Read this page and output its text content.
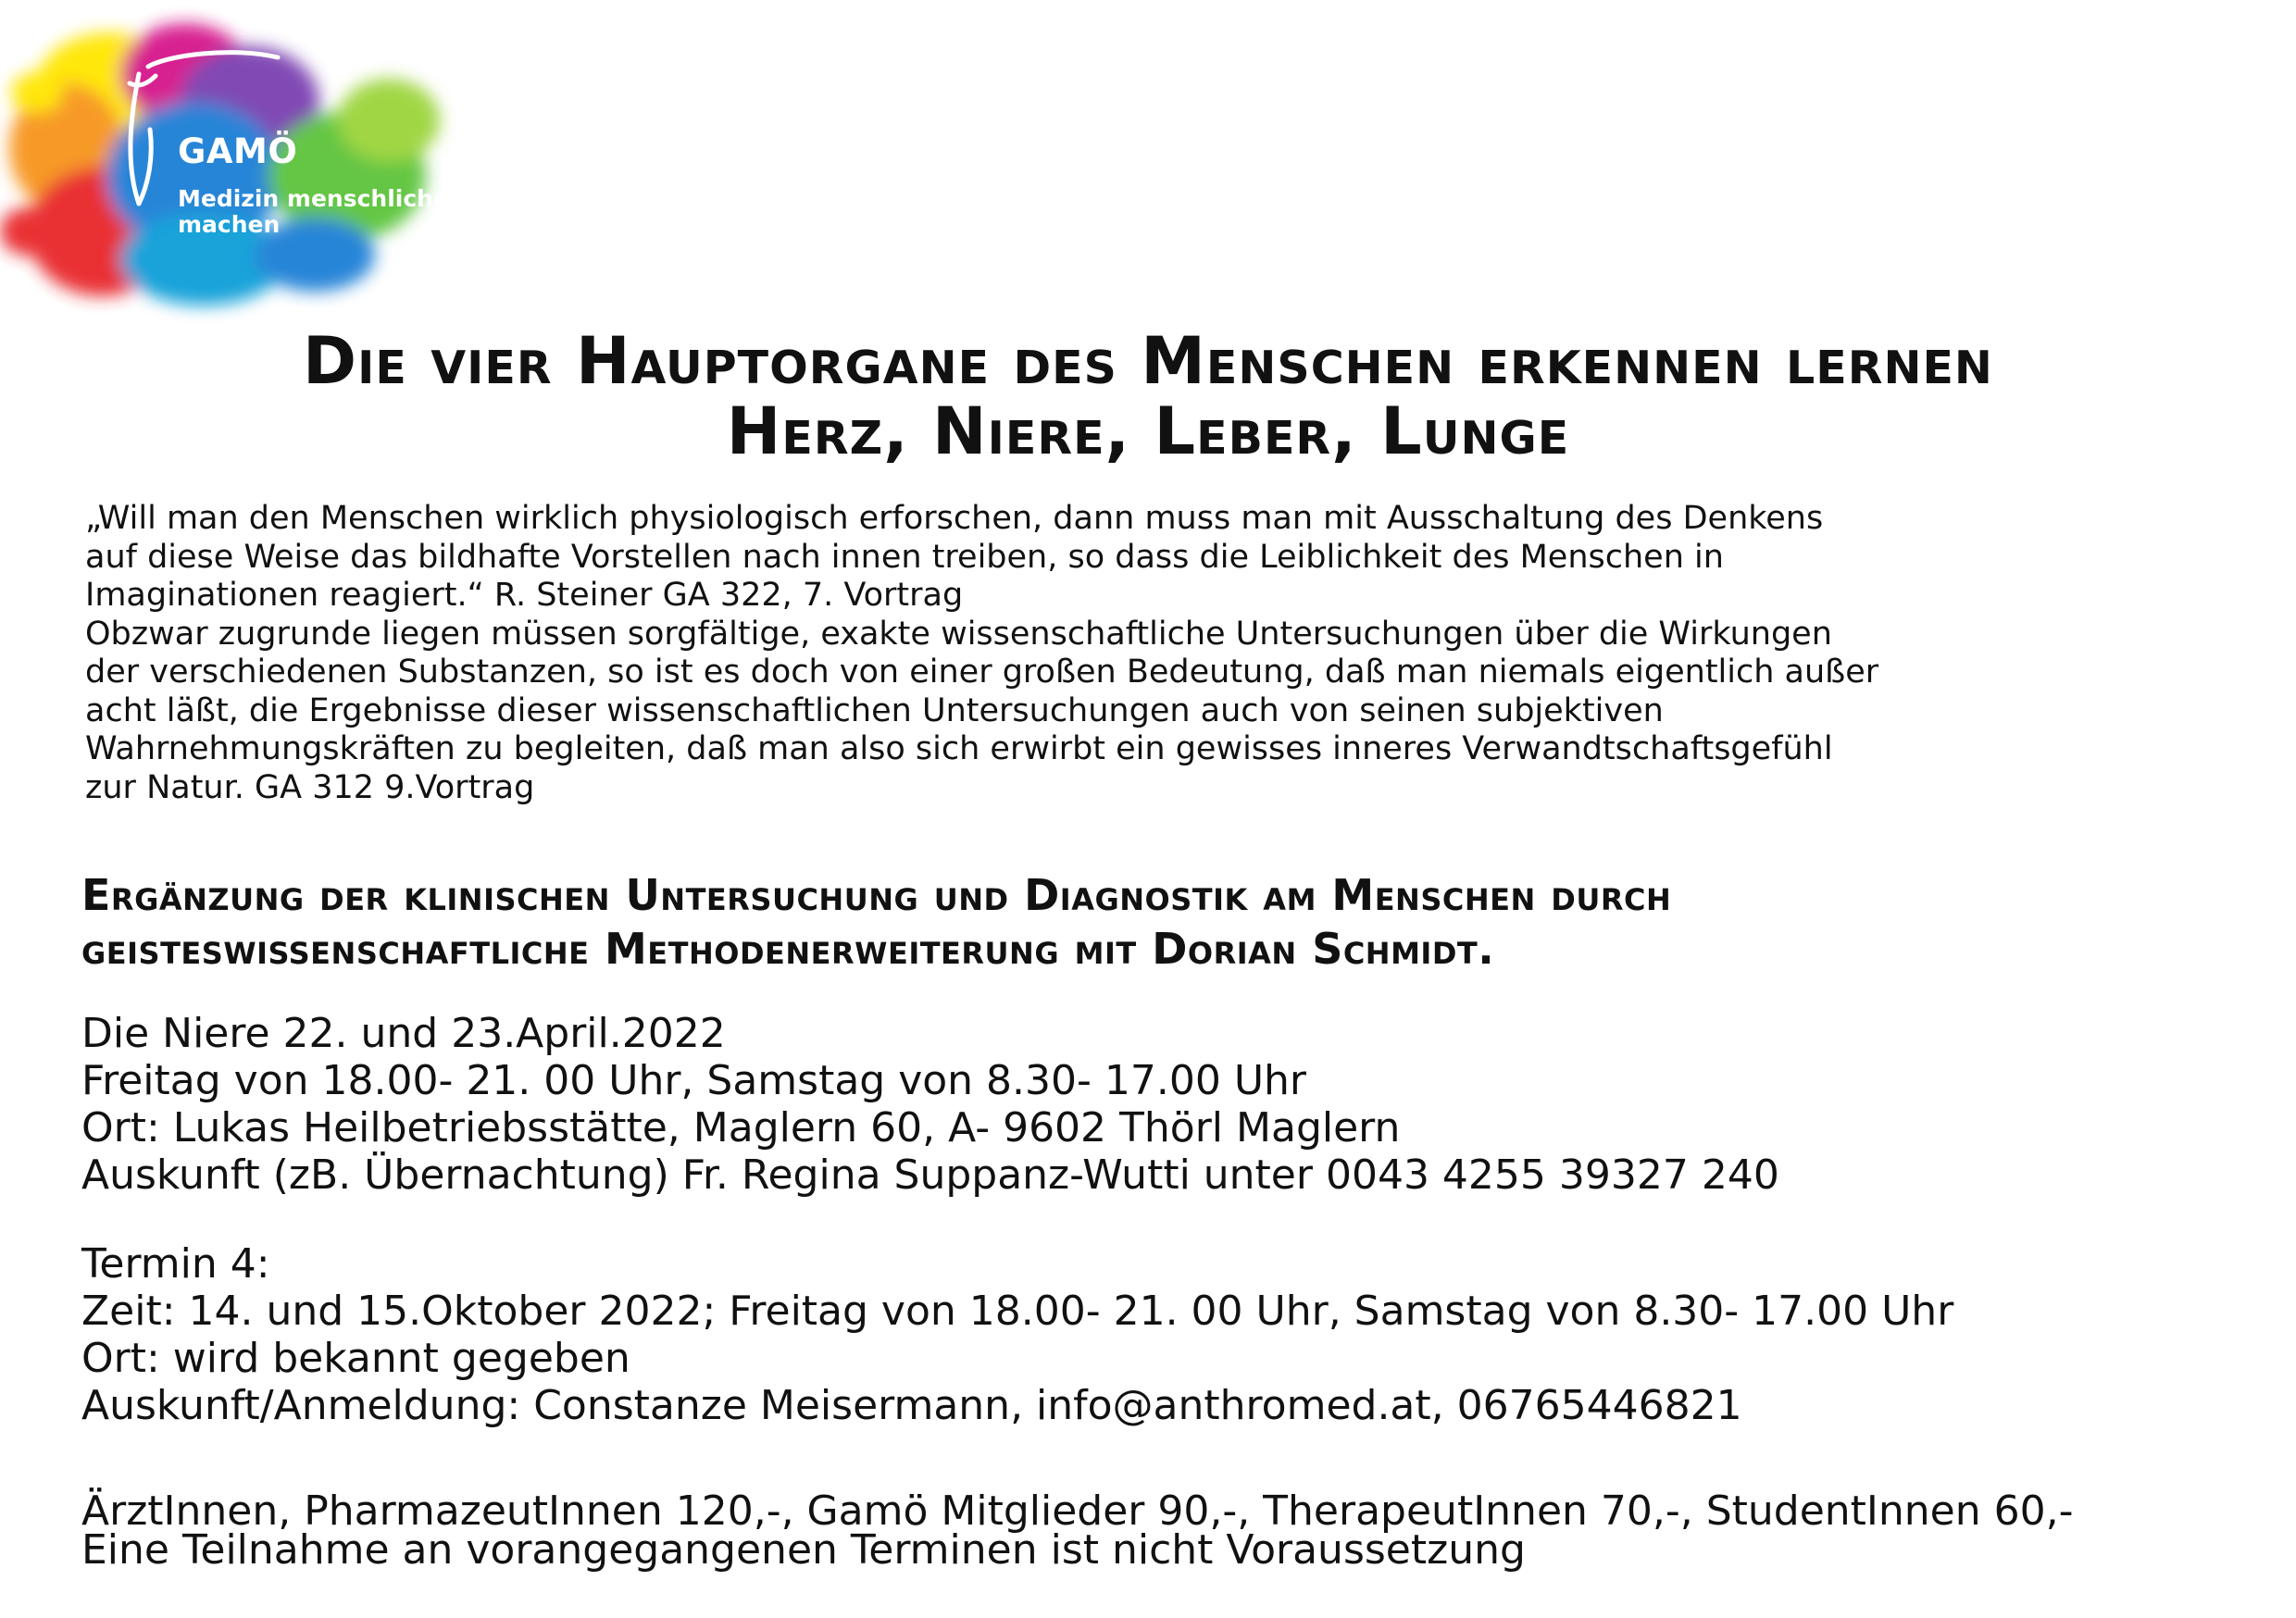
GAMÖ
Medizin menschlicher
machen
Die vier Hauptorgane des Menschen erkennen lernen
Herz, Niere, Leber, Lunge
„Will man den Menschen wirklich physiologisch erforschen, dann muss man mit Ausschaltung des Denkens
auf diese Weise das bildhafte Vorstellen nach innen treiben, so dass die Leiblichkeit des Menschen in
Imaginationen reagiert.“ R. Steiner GA 322, 7. Vortrag
Obzwar zugrunde liegen müssen sorgfältige, exakte wissenschaftliche Untersuchungen über die Wirkungen
der verschiedenen Substanzen, so ist es doch von einer großen Bedeutung, daß man niemals eigentlich außer
acht läßt, die Ergebnisse dieser wissenschaftlichen Untersuchungen auch von seinen subjektiven
Wahrnehmungskräften zu begleiten, daß man also sich erwirbt ein gewisses inneres Verwandtschaftsgefühl
zur Natur. GA 312 9.Vortrag
Ergänzung der klinischen Untersuchung und Diagnostik am Menschen durch
geisteswissenschaftliche Methodenerweiterung mit Dorian Schmidt.
Die Niere 22. und 23.April.2022
Freitag von 18.00- 21. 00 Uhr, Samstag von 8.30- 17.00 Uhr
Ort: Lukas Heilbetriebsstätte, Maglern 60, A- 9602 Thörl Maglern
Auskunft (zB. Übernachtung) Fr. Regina Suppanz-Wutti unter 0043 4255 39327 240
Termin 4:
Zeit: 14. und 15.Oktober 2022; Freitag von 18.00- 21. 00 Uhr, Samstag von 8.30- 17.00 Uhr
Ort: wird bekannt gegeben
Auskunft/Anmeldung: Constanze Meisermann, info@anthromed.at, 06765446821
ÄrztInnen, PharmazeutInnen 120,-, Gamö Mitglieder 90,-, TherapeutInnen 70,-, StudentInnen 60,-
Eine Teilnahme an vorangegangenen Terminen ist nicht Voraussetzung
